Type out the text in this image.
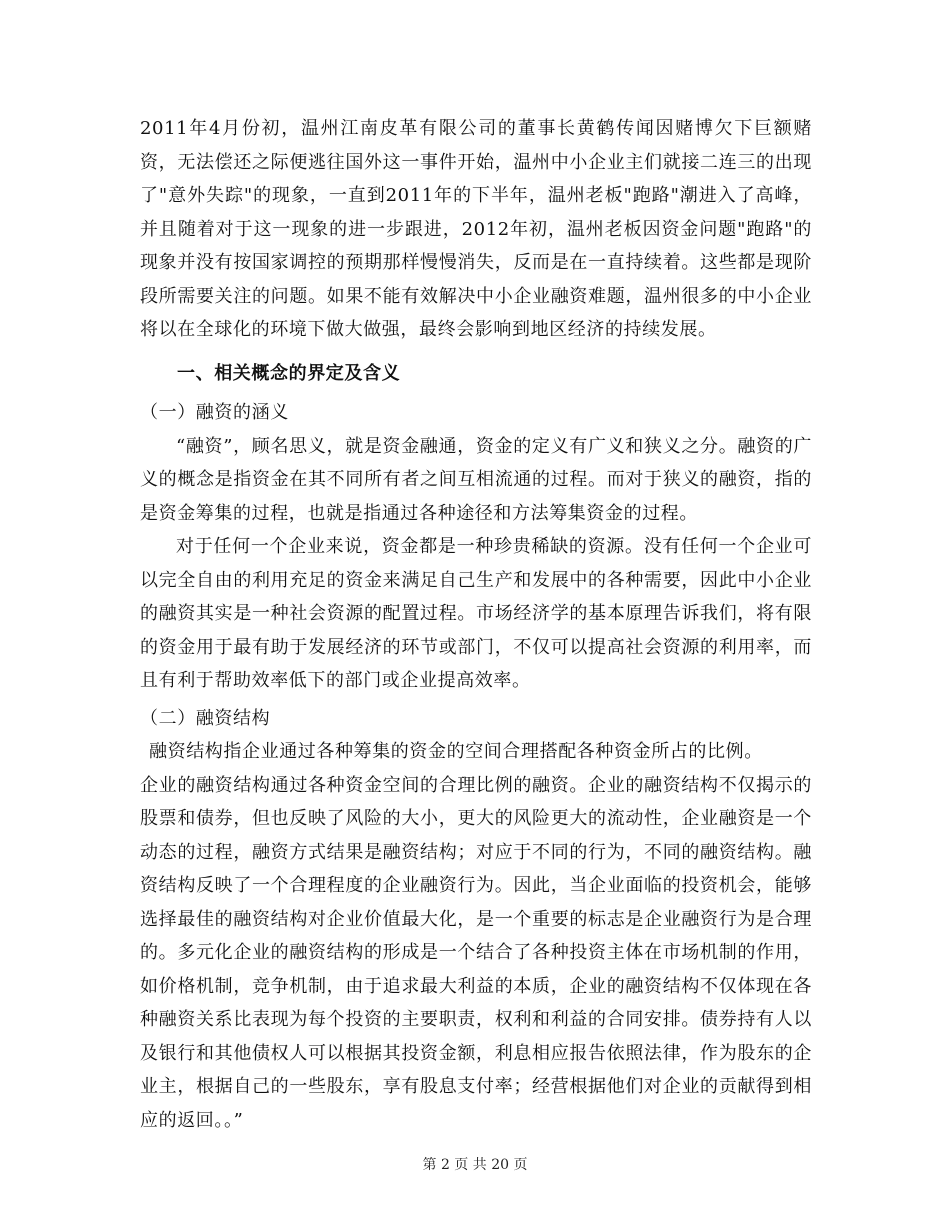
2011年4月份初，温州江南皮革有限公司的董事长黄鹤传闻因赌博欠下巨额赌资，无法偿还之际便逃往国外这一事件开始，温州中小企业主们就接二连三的出现了"意外失踪"的现象，一直到2011年的下半年，温州老板"跑路"潮进入了高峰，并且随着对于这一现象的进一步跟进，2012年初，温州老板因资金问题"跑路"的现象并没有按国家调控的预期那样慢慢消失，反而是在一直持续着。这些都是现阶段所需要关注的问题。如果不能有效解决中小企业融资难题，温州很多的中小企业将以在全球化的环境下做大做强，最终会影响到地区经济的持续发展。

一、相关概念的界定及含义
（一）融资的涵义

“融资”，顾名思义，就是资金融通，资金的定义有广义和狭义之分。融资的广义的概念是指资金在其不同所有者之间互相流通的过程。而对于狭义的融资，指的是资金筹集的过程，也就是指通过各种途径和方法筹集资金的过程。

对于任何一个企业来说，资金都是一种珍贵稀缺的资源。没有任何一个企业可以完全自由的利用充足的资金来满足自己生产和发展中的各种需要，因此中小企业的融资其实是一种社会资源的配置过程。市场经济学的基本原理告诉我们，将有限的资金用于最有助于发展经济的环节或部门，不仅可以提高社会资源的利用率，而且有利于帮助效率低下的部门或企业提高效率。

（二）融资结构

融资结构指企业通过各种筹集的资金的空间合理搭配各种资金所占的比例。

企业的融资结构通过各种资金空间的合理比例的融资。企业的融资结构不仅揭示的股票和债券，但也反映了风险的大小，更大的风险更大的流动性，企业融资是一个动态的过程，融资方式结果是融资结构；对应于不同的行为，不同的融资结构。融资结构反映了一个合理程度的企业融资行为。因此，当企业面临的投资机会，能够选择最佳的融资结构对企业价值最大化，是一个重要的标志是企业融资行为是合理的。多元化企业的融资结构的形成是一个结合了各种投资主体在市场机制的作用，如价格机制，竞争机制，由于追求最大利益的本质，企业的融资结构不仅体现在各种融资关系比表现为每个投资的主要职责，权利和利益的合同安排。债券持有人以及银行和其他债权人可以根据其投资金额，利息相应报告依照法律，作为股东的企业主，根据自己的一些股东，享有股息支付率；经营根据他们对企业的贡献得到相应的返回。。”

第 2 页 共 20 页
